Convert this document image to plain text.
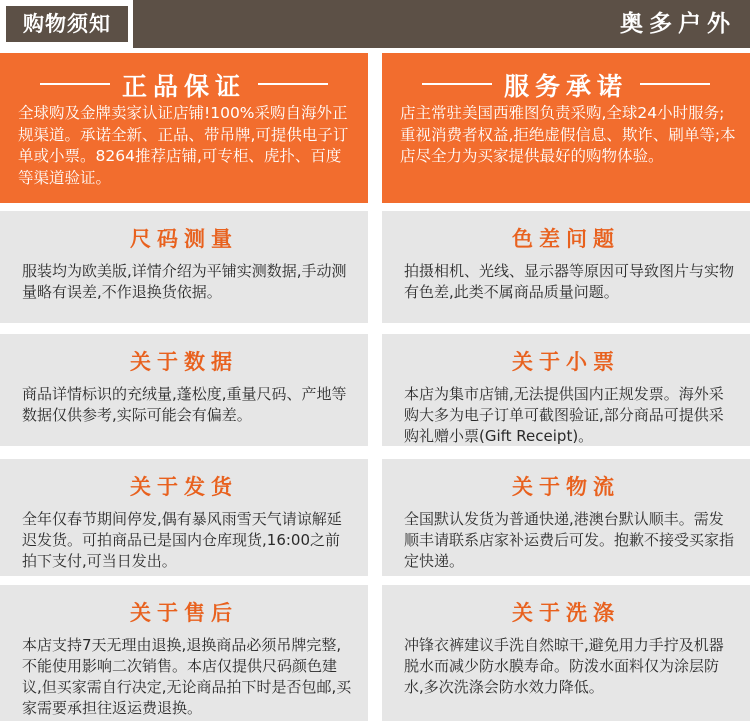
购物须知	奥多户外
正品保证
全球购及金牌卖家认证店铺!100%采购自海外正规渠道。承诺全新、正品、带吊牌,可提供电子订单或小票。8264推荐店铺,可专柜、虎扑、百度等渠道验证。
服务承诺
店主常驻美国西雅图负责采购,全球24小时服务;重视消费者权益,拒绝虚假信息、欺诈、刷单等;本店尽全力为买家提供最好的购物体验。
尺码测量
服装均为欧美版,详情介绍为平铺实测数据,手动测量略有误差,不作退换货依据。
色差问题
拍摄相机、光线、显示器等原因可导致图片与实物有色差,此类不属商品质量问题。
关于数据
商品详情标识的充绒量,蓬松度,重量尺码、产地等数据仅供参考,实际可能会有偏差。
关于小票
本店为集市店铺,无法提供国内正规发票。海外采购大多为电子订单可截图验证,部分商品可提供采购礼赠小票(Gift Receipt)。
关于发货
全年仅春节期间停发,偶有暴风雨雪天气请谅解延迟发货。可拍商品已是国内仓库现货,16:00之前拍下支付,可当日发出。
关于物流
全国默认发货为普通快递,港澳台默认顺丰。需发顺丰请联系店家补运费后可发。抱歉不接受买家指定快递。
关于售后
本店支持7天无理由退换,退换商品必须吊牌完整,不能使用影响二次销售。本店仅提供尺码颜色建议,但买家需自行决定,无论商品拍下时是否包邮,买家需要承担往返运费退换。
关于洗涤
冲锋衣裤建议手洗自然晾干,避免用力手拧及机器脱水而减少防水膜寿命。防泼水面料仅为涂层防水,多次洗涤会防水效力降低。
